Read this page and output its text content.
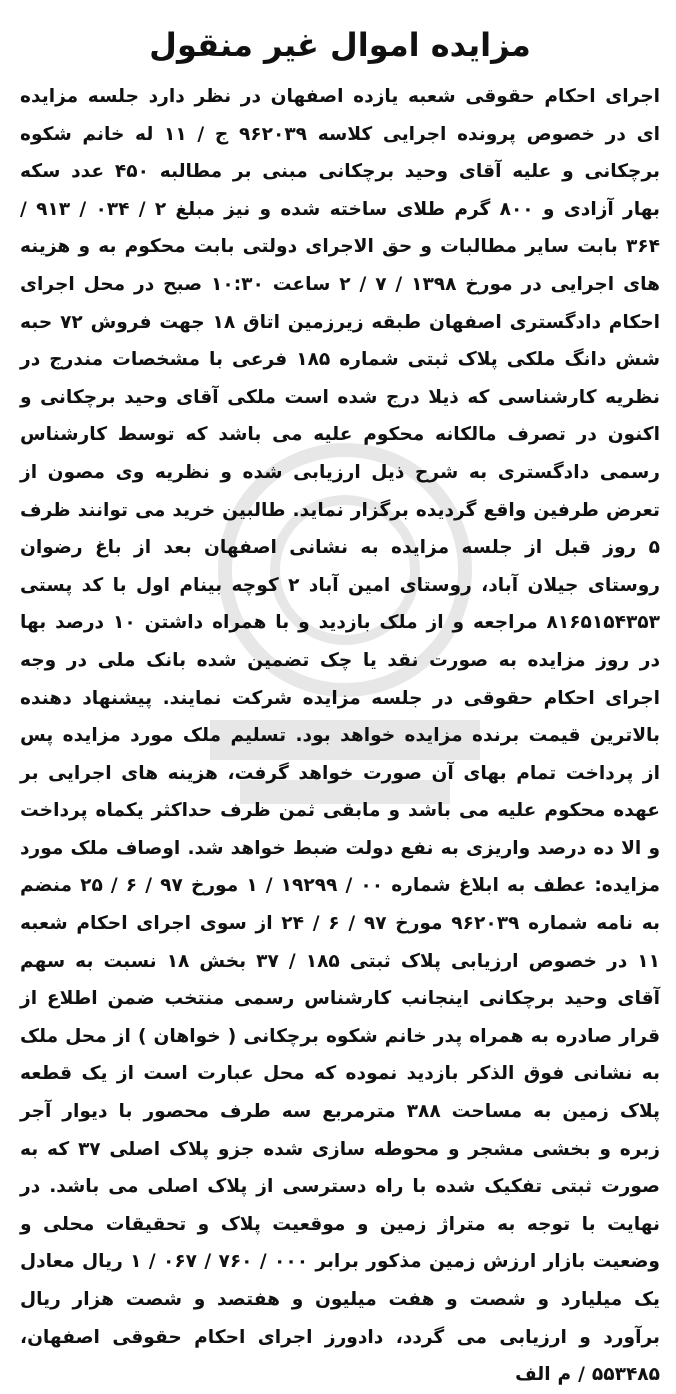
مزایده اموال غیر منقول

اجرای احکام حقوقی شعبه یازده اصفهان در نظر دارد جلسه مزایده ای در خصوص پرونده اجرایی کلاسه ۹۶۲۰۳۹ ج / ۱۱ له خانم شکوه برچکانی و علیه آقای وحید برچکانی مبنی بر مطالبه ۴۵۰ عدد سکه بهار آزادی و ۸۰۰ گرم طلای ساخته شده و نیز مبلغ ۲ / ۰۳۴ / ۹۱۳ / ۳۶۴ بابت سایر مطالبات و حق الاجرای دولتی بابت محکوم به و هزینه های اجرایی در مورخ ۱۳۹۸ / ۷ / ۲ ساعت ۱۰:۳۰ صبح در محل اجرای احکام دادگستری اصفهان طبقه زیرزمین اتاق ۱۸ جهت فروش ۷۲ حبه شش دانگ ملکی پلاک ثبتی شماره ۱۸۵ فرعی با مشخصات مندرج در نظریه کارشناسی که ذیلا درج شده است ملکی آقای وحید برچکانی و اکنون در تصرف مالکانه محکوم علیه می باشد که توسط کارشناس رسمی دادگستری به شرح ذیل ارزیابی شده و نظریه وی مصون از تعرض طرفین واقع گردیده برگزار نماید. طالبین خرید می توانند ظرف ۵ روز قبل از جلسه مزایده به نشانی اصفهان بعد از باغ رضوان روستای جیلان آباد، روستای امین آباد ۲ کوچه بینام اول با کد پستی ۸۱۶۵۱۵۴۳۵۳ مراجعه و از ملک بازدید و با همراه داشتن ۱۰ درصد بها در روز مزایده به صورت نقد یا چک تضمین شده بانک ملی در وجه اجرای احکام حقوقی در جلسه مزایده شرکت نمایند. پیشنهاد دهنده بالاترین قیمت برنده مزایده خواهد بود. تسلیم ملک مورد مزایده پس از پرداخت تمام بهای آن صورت خواهد گرفت، هزینه های اجرایی بر عهده محکوم علیه می باشد و مابقی ثمن ظرف حداکثر یکماه پرداخت و الا ده درصد واریزی به نفع دولت ضبط خواهد شد. اوصاف ملک مورد مزایده: عطف به ابلاغ شماره ۰۰ / ۱۹۲۹۹ / ۱ مورخ ۹۷ / ۶ / ۲۵ منضم به نامه شماره ۹۶۲۰۳۹ مورخ ۹۷ / ۶ / ۲۴ از سوی اجرای احکام شعبه ۱۱ در خصوص ارزیابی پلاک ثبتی ۱۸۵ / ۳۷ بخش ۱۸ نسبت به سهم آقای وحید برچکانی اینجانب کارشناس رسمی منتخب ضمن اطلاع از قرار صادره به همراه پدر خانم شکوه برچکانی ( خواهان ) از محل ملک به نشانی فوق الذکر بازدید نموده که محل عبارت است از یک قطعه پلاک زمین به مساحت ۳۸۸ مترمربع سه طرف محصور با دیوار آجر زبره و بخشی مشجر و محوطه سازی شده جزو پلاک اصلی ۳۷ که به صورت ثبتی تفکیک شده با راه دسترسی از پلاک اصلی می باشد. در نهایت با توجه به متراژ زمین و موقعیت پلاک و تحقیقات محلی و وضعیت بازار ارزش زمین مذکور برابر ۰۰۰ / ۷۶۰ / ۰۶۷ / ۱ ریال معادل یک میلیارد و شصت و هفت میلیون و هفتصد و شصت هزار ریال برآورد و ارزیابی می گردد، دادورز اجرای احکام حقوقی اصفهان، ۵۵۳۴۸۵ / م الف
